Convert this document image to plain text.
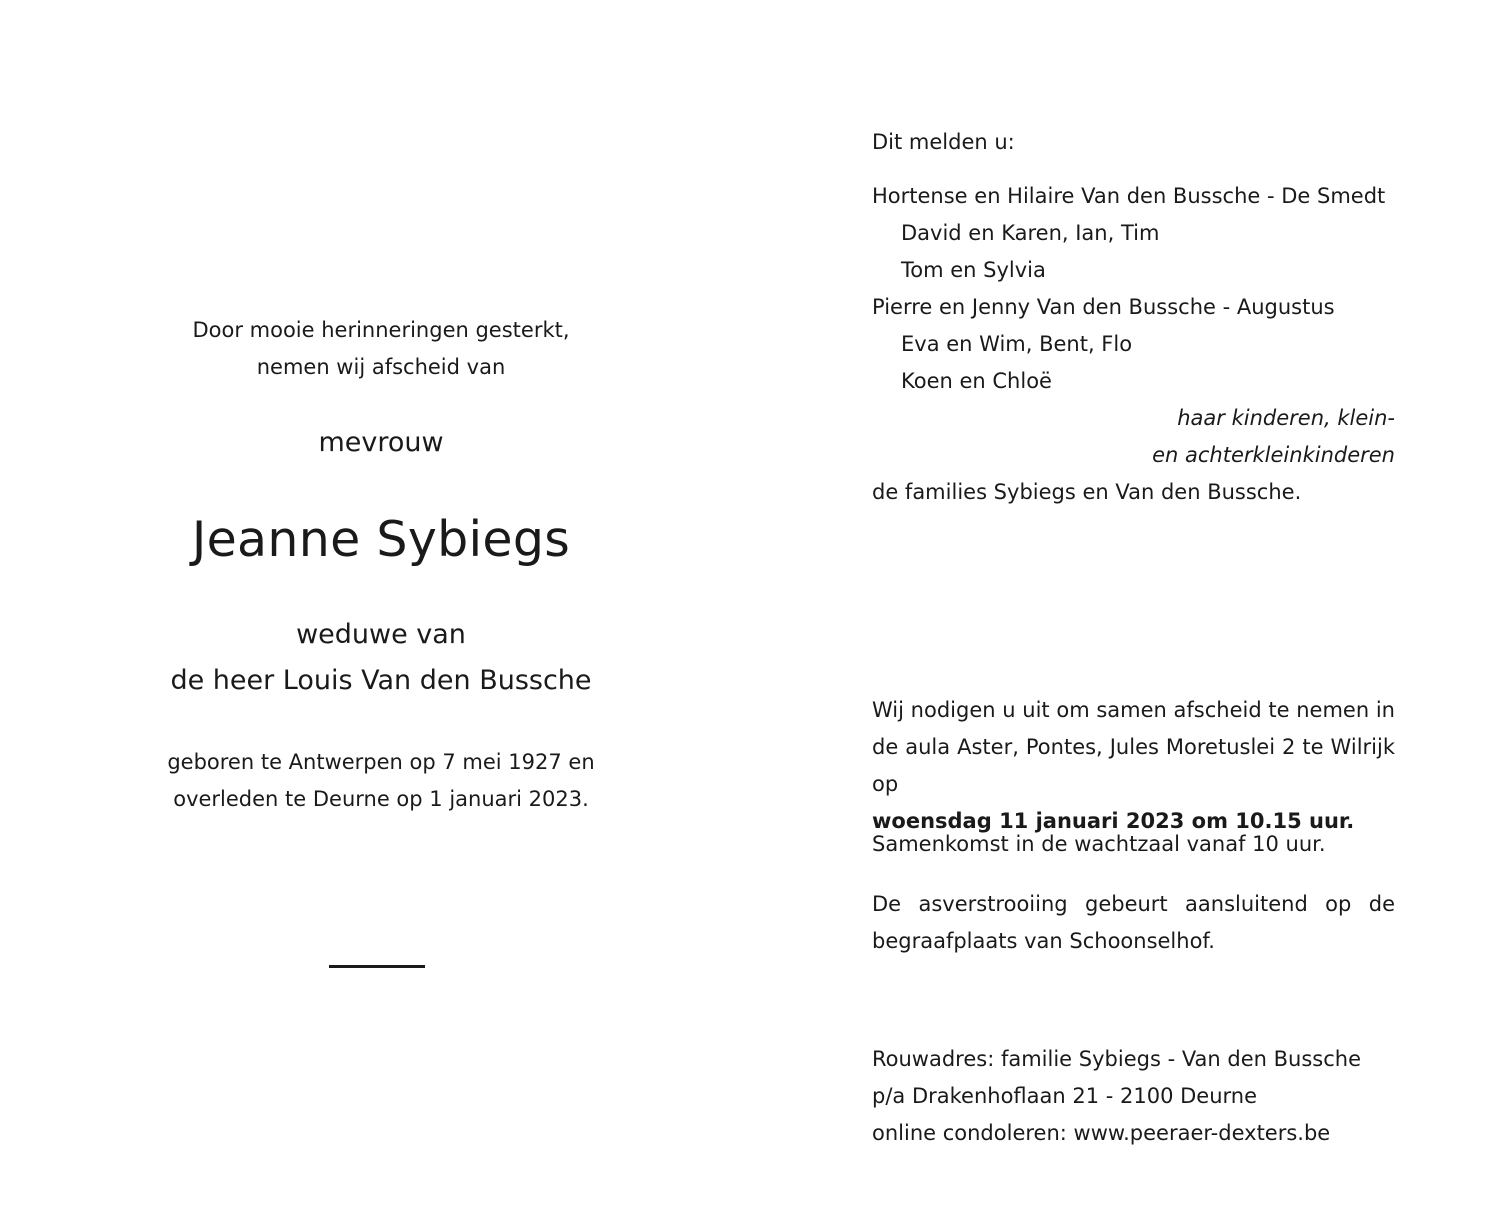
Door mooie herinneringen gesterkt,
nemen wij afscheid van
mevrouw
Jeanne Sybiegs
weduwe van
de heer Louis Van den Bussche
geboren te Antwerpen op 7 mei 1927 en
overleden te Deurne op 1 januari 2023.
Dit melden u:
Hortense en Hilaire Van den Bussche - De Smedt
David en Karen, Ian, Tim
Tom en Sylvia
Pierre en Jenny Van den Bussche - Augustus
Eva en Wim, Bent, Flo
Koen en Chloë
haar kinderen, klein-
en achterkleinkinderen
de families Sybiegs en Van den Bussche.
Wij nodigen u uit om samen afscheid te nemen in de aula Aster, Pontes, Jules Moretuslei 2 te Wilrijk op
woensdag 11 januari 2023 om 10.15 uur.
Samenkomst in de wachtzaal vanaf 10 uur.
De asverstrooiing gebeurt aansluitend op de begraafplaats van Schoonselhof.
Rouwadres: familie Sybiegs - Van den Bussche
p/a Drakenhoflaan 21 - 2100 Deurne
online condoleren: www.peeraer-dexters.be
